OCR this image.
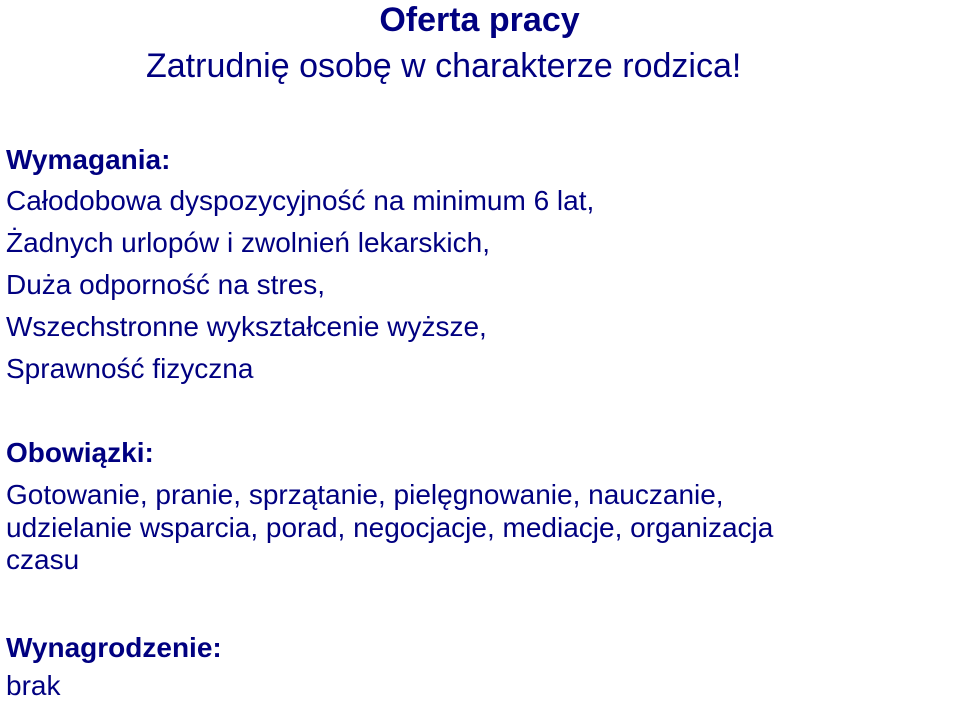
Oferta pracy
Zatrudnię osobę w charakterze rodzica!
Wymagania:
Całodobowa dyspozycyjność na minimum 6 lat,
Żadnych urlopów i zwolnień lekarskich,
Duża odporność na stres,
Wszechstronne wykształcenie wyższe,
Sprawność fizyczna
Obowiązki:

Gotowanie, pranie, sprzątanie, pielęgnowanie, nauczanie,
udzielanie wsparcia, porad, negocjacje, mediacje, organizacja
czasu

Wynagrodzenie:
brak
